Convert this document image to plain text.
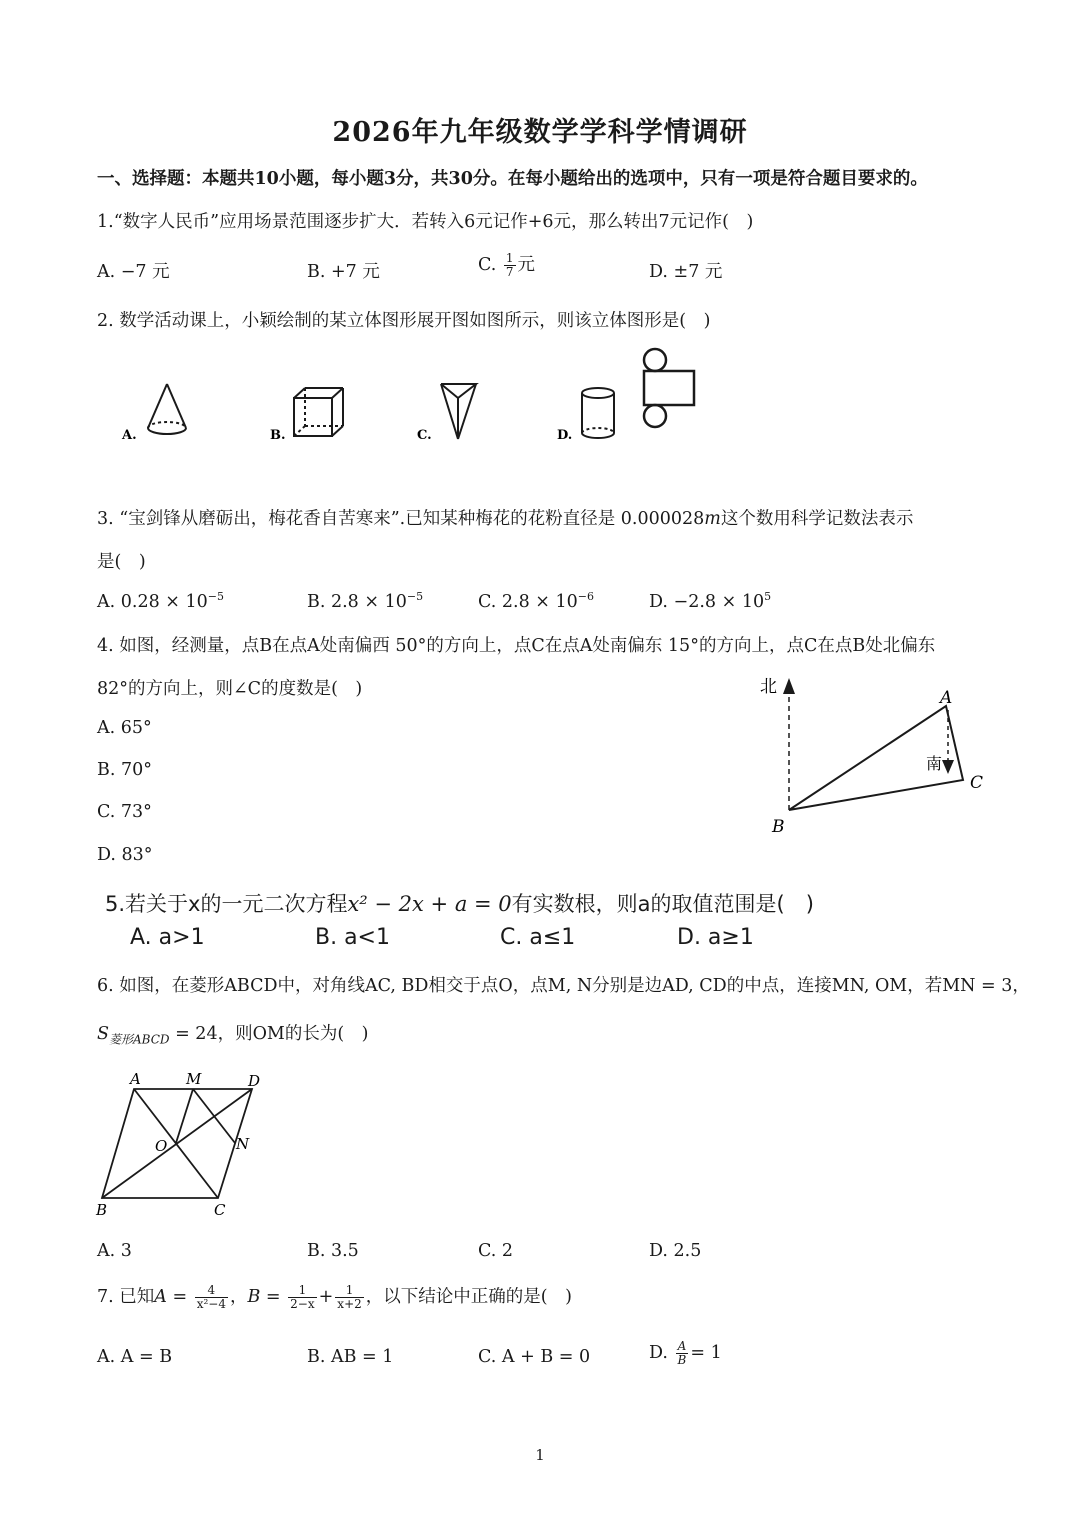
2026年九年级数学学科学情调研
一、选择题：本题共10小题，每小题3分，共30分。在每小题给出的选项中，只有一项是符合题目要求的。
1.“数字人民币”应用场景范围逐步扩大．若转入6元记作+6元，那么转出7元记作(　)
A. −7 元	B. +7 元	C. $\frac{1}{7}$ 元	D. ±7 元
2. 数学活动课上，小颖绘制的某立体图形展开图如图所示，则该立体图形是(　)
A.	B.	C.	D.
3. “宝剑锋从磨砺出，梅花香自苦寒来”.已知某种梅花的花粉直径是 0.000028m这个数用科学记数法表示
是(　)
A. $0.28 \times 10^{-5}$	B. $2.8 \times 10^{-5}$	C. $2.8 \times 10^{-6}$	D. $-2.8 \times 10^5$
4. 如图，经测量，点B在点A处南偏西 50°的方向上，点C在点A处南偏东 15°的方向上，点C在点B处北偏东
82°的方向上，则∠C的度数是(　)
A. 65°
B. 70°
C. 73°
D. 83°
北
南
A
B
C
5.若关于x的一元二次方程x² − 2x + a = 0有实数根，则a的取值范围是(　)
A. a>1	B. a<1	C. a≤1	D. a≥1
6. 如图，在菱形ABCD中，对角线AC, BD相交于点O，点M, N分别是边AD, CD的中点，连接MN, OM，若MN = 3，
$S_{菱形ABCD} = 24$，则OM的长为(　)
A	M	D
O	N
B	C
A. 3	B. 3.5	C. 2	D. 2.5
7. 已知$A = \frac{4}{\text{x²−4}}$ ，$B = \frac{1}{2-x} + \frac{1}{x+2}$ ，以下结论中正确的是(　)
A. A = B	B. AB = 1	C. A + B = 0	D. $\frac{A}{B} = 1$
1
